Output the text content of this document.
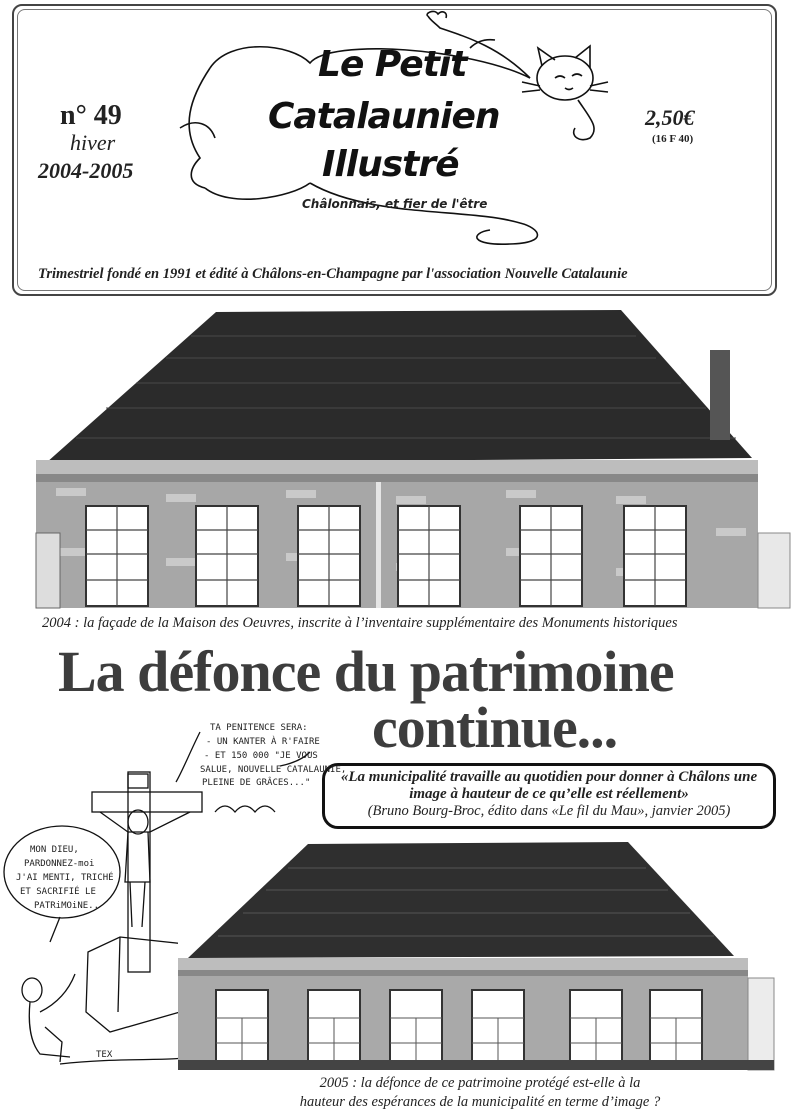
n° 49
hiver
2004-2005
Le Petit
Catalaunien
Illustré
Châlonnais, et fier de l'être
2,50€
(16 F 40)
Trimestriel fondé en 1991 et édité à Châlons-en-Champagne par l'association Nouvelle Catalaunie
2004 : la façade de la Maison des Oeuvres, inscrite à l’inventaire supplémentaire des Monuments historiques
La défonce du patrimoine
continue...
«La municipalité travaille au quotidien pour donner à Châlons une image à hauteur de ce qu’elle est réellement»
(Bruno Bourg-Broc, édito dans «Le fil du Mau», janvier 2005)
TA PENITENCE SERA:
- UN KANTER À R'FAIRE
- ET 150 000 "JE VOUS
SALUE, NOUVELLE CATALAUNIE,
PLEINE DE GRÂCES..."
MON DIEU,
PARDONNEZ-moi
J'AI MENTI, TRICHÉ
ET SACRIFIÉ LE
PATRiMOiNE..
TEX
2005 : la défonce de ce patrimoine protégé est-elle à la
hauteur des espérances de la municipalité en terme d’image ?
